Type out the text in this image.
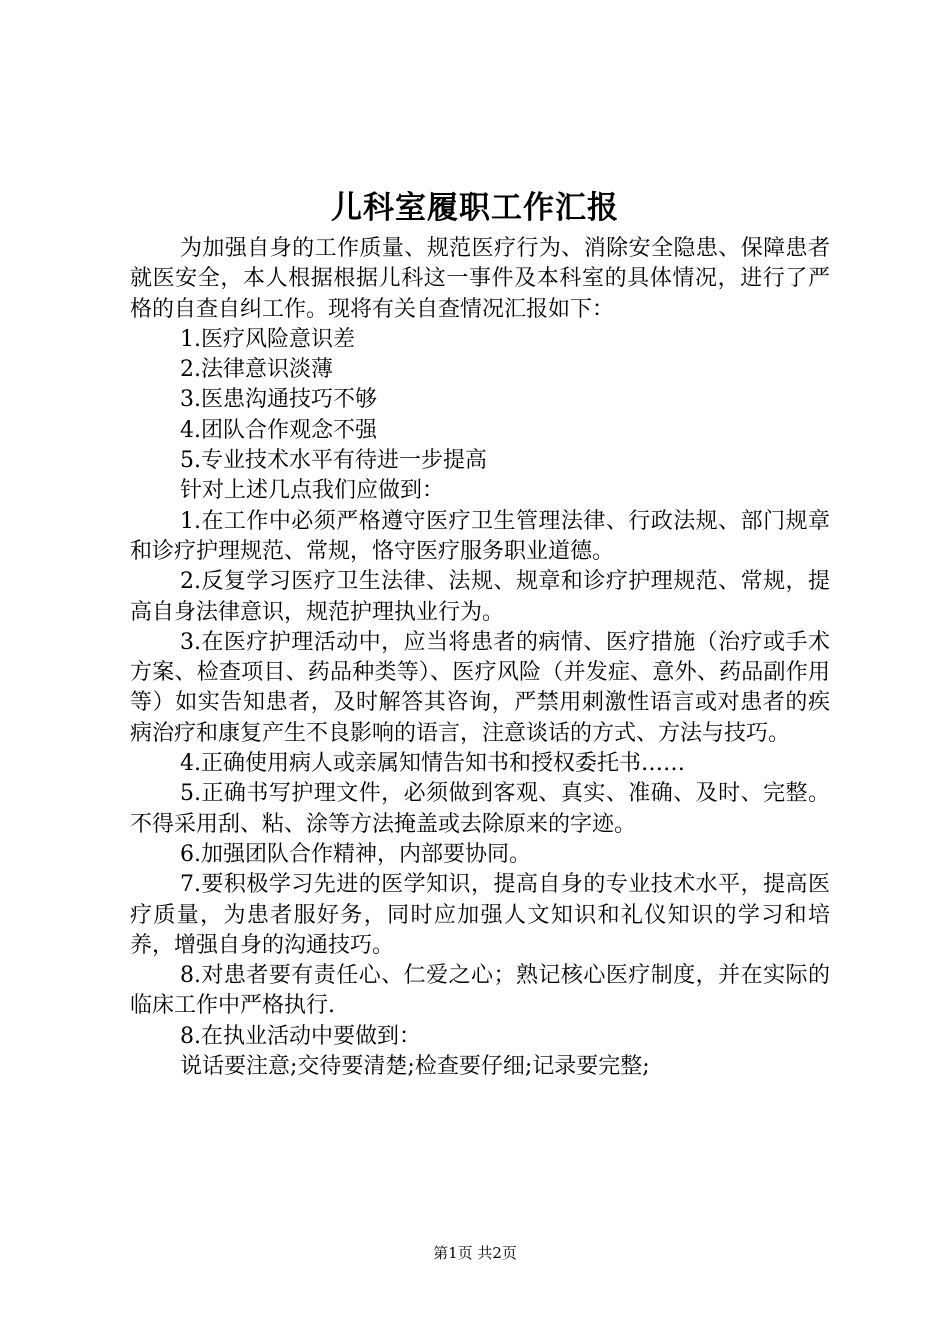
儿科室履职工作汇报

为加强自身的工作质量、规范医疗行为、消除安全隐患、保障患者就医安全，本人根据根据儿科这一事件及本科室的具体情况，进行了严格的自查自纠工作。现将有关自查情况汇报如下：

1.医疗风险意识差

2.法律意识淡薄

3.医患沟通技巧不够

4.团队合作观念不强

5.专业技术水平有待进一步提高

针对上述几点我们应做到：

1.在工作中必须严格遵守医疗卫生管理法律、行政法规、部门规章和诊疗护理规范、常规，恪守医疗服务职业道德。

2.反复学习医疗卫生法律、法规、规章和诊疗护理规范、常规，提高自身法律意识，规范护理执业行为。

3.在医疗护理活动中，应当将患者的病情、医疗措施（治疗或手术方案、检查项目、药品种类等）、医疗风险（并发症、意外、药品副作用等）如实告知患者，及时解答其咨询，严禁用刺激性语言或对患者的疾病治疗和康复产生不良影响的语言，注意谈话的方式、方法与技巧。

4.正确使用病人或亲属知情告知书和授权委托书……

5.正确书写护理文件，必须做到客观、真实、准确、及时、完整。不得采用刮、粘、涂等方法掩盖或去除原来的字迹。

6.加强团队合作精神，内部要协同。

7.要积极学习先进的医学知识，提高自身的专业技术水平，提高医疗质量，为患者服好务，同时应加强人文知识和礼仪知识的学习和培养，增强自身的沟通技巧。

8.对患者要有责任心、仁爱之心；熟记核心医疗制度，并在实际的临床工作中严格执行.

8.在执业活动中要做到：

说话要注意;交待要清楚;检查要仔细;记录要完整;

第1页 共2页
